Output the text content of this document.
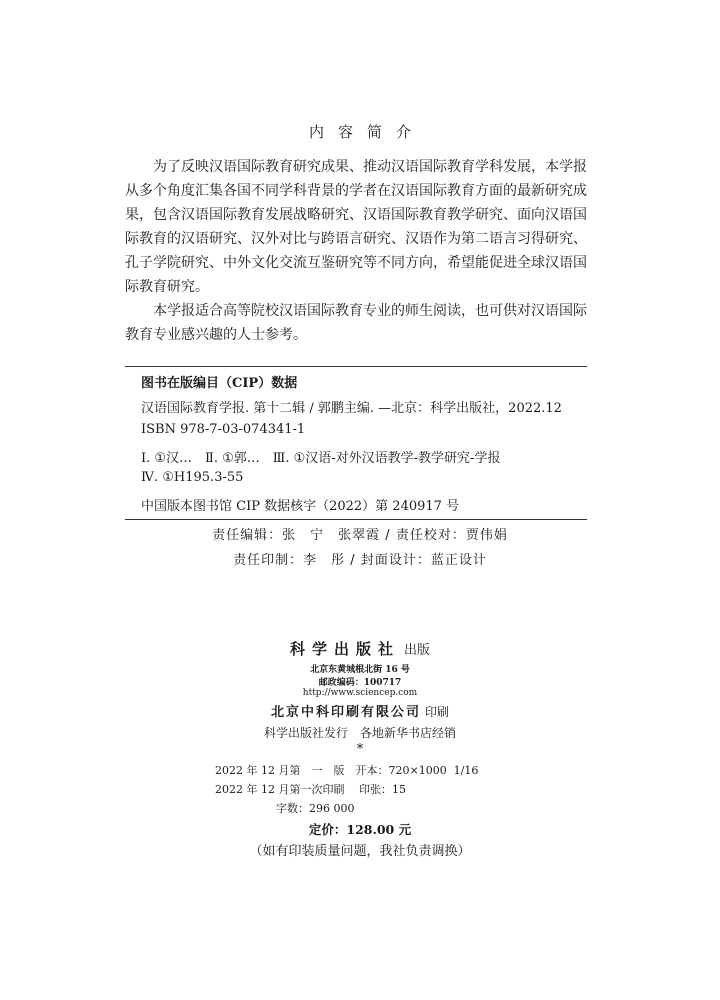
内容简介

为了反映汉语国际教育研究成果、推动汉语国际教育学科发展，本学报从多个角度汇集各国不同学科背景的学者在汉语国际教育方面的最新研究成果，包含汉语国际教育发展战略研究、汉语国际教育教学研究、面向汉语国际教育的汉语研究、汉外对比与跨语言研究、汉语作为第二语言习得研究、孔子学院研究、中外文化交流互鉴研究等不同方向，希望能促进全球汉语国际教育研究。

本学报适合高等院校汉语国际教育专业的师生阅读，也可供对汉语国际教育专业感兴趣的人士参考。

图书在版编目（CIP）数据
汉语国际教育学报. 第十二辑 / 郭鹏主编. —北京：科学出版社，2022.12
ISBN 978-7-03-074341-1
Ⅰ. ①汉…　Ⅱ. ①郭…　Ⅲ. ①汉语-对外汉语教学-教学研究-学报
Ⅳ. ①H195.3-55
中国版本图书馆 CIP 数据核字（2022）第 240917 号
责任编辑：张　宁　张翠霞 / 责任校对：贾伟娟
责任印制：李　彤 / 封面设计：蓝正设计
科学出版社 出版
北京东黄城根北街 16 号
邮政编码：100717
http://www.sciencep.com
北京中科印刷有限公司 印刷
科学出版社发行　各地新华书店经销
*
2022 年 12 月第　一　版　开本：720×1000  1/16
2022 年 12 月第一次印刷　 印张：15
字数：296 000
定价：128.00 元
（如有印装质量问题，我社负责调换）
